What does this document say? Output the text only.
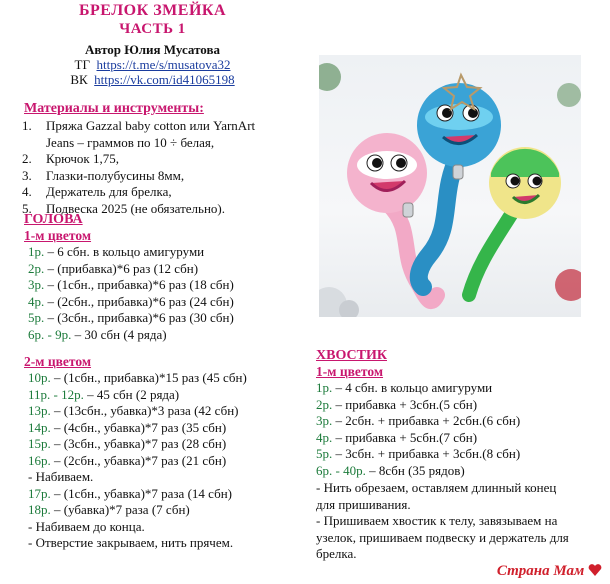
БРЕЛОК ЗМЕЙКА
ЧАСТЬ 1
Автор Юлия Мусатова
ТГ https://t.me/s/musatova32
ВК https://vk.com/id41065198
Материалы и инструменты:
1. Пряжа Gazzal baby cotton или YarnArt
Jeans – граммов по 10 ÷ белая,
2. Крючок 1,75,
3. Глазки-полубусины 8мм,
4. Держатель для брелка,
5. Подвеска 2025 (не обязательно).
ГОЛОВА
1-м цветом
1р. – 6 сбн. в кольцо амигуруми
2р. – (прибавка)*6 раз (12 сбн)
3р. – (1сбн., прибавка)*6 раз (18 сбн)
4р. – (2сбн., прибавка)*6 раз (24 сбн)
5р. – (3сбн., прибавка)*6 раз (30 сбн)
6р. - 9р. – 30 сбн (4 ряда)
2-м цветом
10р. – (1сбн., прибавка)*15 раз (45 сбн)
11р. - 12р. – 45 сбн (2 ряда)
13р. – (13сбн., убавка)*3 раза (42 сбн)
14р. – (4сбн., убавка)*7 раз (35 сбн)
15р. – (3сбн., убавка)*7 раз (28 сбн)
16р. – (2сбн., убавка)*7 раз (21 сбн)
- Набиваем.
17р. – (1сбн., убавка)*7 раза (14 сбн)
18р. – (убавка)*7 раза (7 сбн)
- Набиваем до конца.
- Отверстие закрываем, нить прячем.
ХВОСТИК
1-м цветом
1р. – 4 сбн. в кольцо амигуруми
2р. – прибавка + 3сбн.(5 сбн)
3р. – 2сбн. + прибавка + 2сбн.(6 сбн)
4р. – прибавка + 5сбн.(7 сбн)
5р. – 3сбн. + прибавка + 3сбн.(8 сбн)
6р. - 40р. – 8сбн (35 рядов)
- Нить обрезаем, оставляем длинный конец
для пришивания.
- Пришиваем хвостик к телу, завязываем на
узелок, пришиваем подвеску и держатель для
брелка.
Страна Мам
